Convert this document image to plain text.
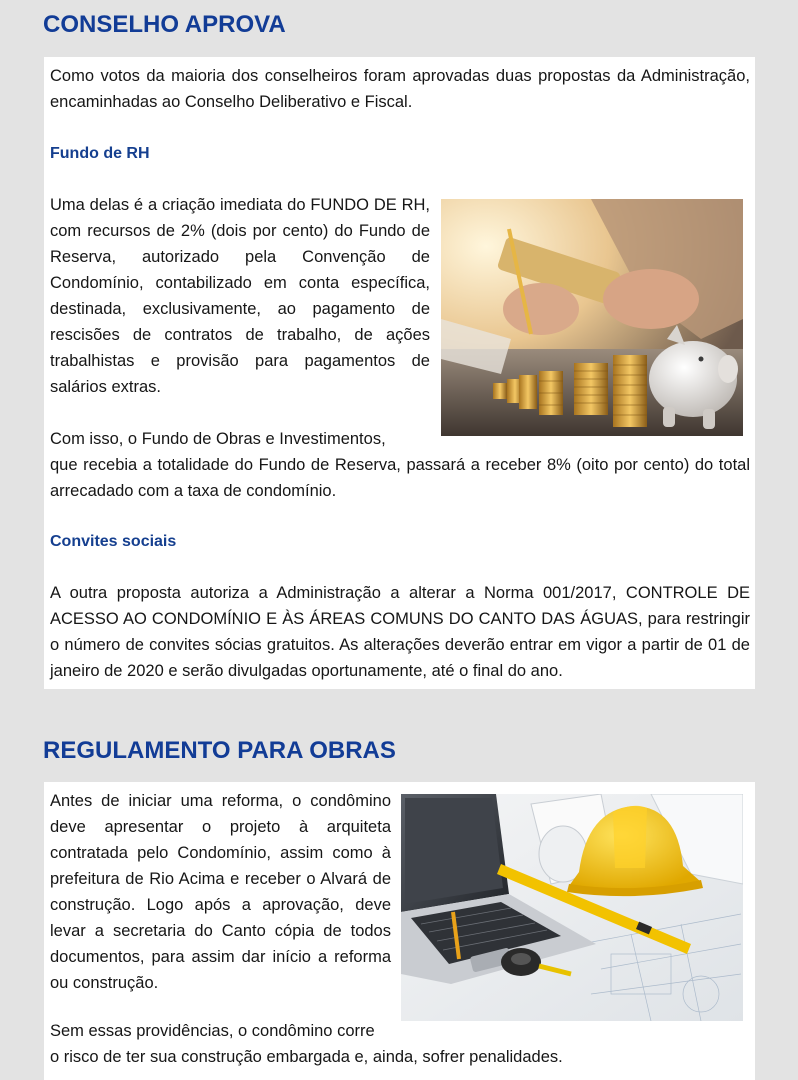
CONSELHO APROVA

Como votos da maioria dos conselheiros foram aprovadas duas propostas da Administração, encaminhadas ao Conselho Deliberativo e Fiscal.

Fundo de RH

Uma delas é a criação imediata do FUNDO DE RH, com recursos de 2% (dois por cento) do Fundo de Reserva, autorizado pela Convenção de Condomínio, contabilizado em conta específica, destinada, exclusivamente, ao pagamento de rescisões de contratos de trabalho, de ações trabalhistas e provisão para pagamentos de salários extras.

Com isso, o Fundo de Obras e Investimentos,

que recebia a totalidade do Fundo de Reserva, passará a receber 8% (oito por cento) do total arrecadado com a taxa de condomínio.

Convites sociais

A outra proposta autoriza a Administração a alterar a Norma 001/2017, CONTROLE DE ACESSO AO CONDOMÍNIO E ÀS ÁREAS COMUNS DO CANTO DAS ÁGUAS, para restringir o número de convites sócias gratuitos. As alterações deverão entrar em vigor a partir de 01 de janeiro de 2020 e serão divulgadas oportunamente, até o final do ano.

REGULAMENTO PARA OBRAS

Antes de iniciar uma reforma, o condômino deve apresentar o projeto à arquiteta contratada pelo Condomínio, assim como à prefeitura de Rio Acima e receber o Alvará de construção. Logo após a aprovação, deve levar a secretaria do Canto cópia de todos documentos, para assim dar início a reforma ou construção.

Sem essas providências, o condômino corre

o risco de ter sua construção embargada e, ainda, sofrer penalidades.
